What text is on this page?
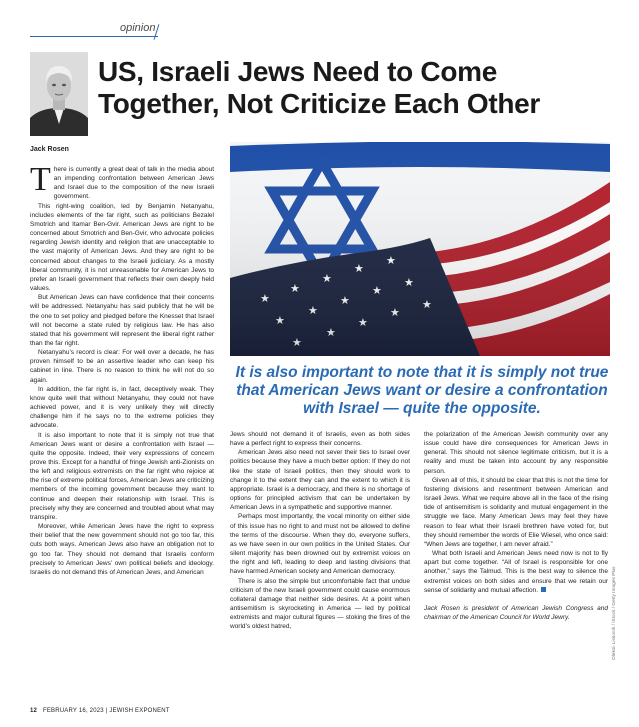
opinion
Jack Rosen
US, Israeli Jews Need to Come Together, Not Criticize Each Other

There is currently a great deal of talk in the media about an impending confrontation between American Jews and Israel due to the composition of the new Israeli government.

This right-wing coalition, led by Benjamin Netanyahu, includes elements of the far right, such as politicians Bezalel Smotrich and Itamar Ben-Gvir. American Jews are right to be concerned about Smotrich and Ben-Gvir, who advocate policies regarding Jewish identity and religion that are unacceptable to the vast majority of American Jews. And they are right to be concerned about changes to the Israeli judiciary. As a mostly liberal community, it is not unreasonable for American Jews to prefer an Israeli government that reflects their own deeply held values.

But American Jews can have confidence that their concerns will be addressed. Netanyahu has said publicly that he will be the one to set policy and pledged before the Knesset that Israel will not become a state ruled by religious law. He has also stated that his government will represent the liberal right rather than the far right.

Netanyahu’s record is clear: For well over a decade, he has proven himself to be an assertive leader who can keep his cabinet in line. There is no reason to think he will not do so again.

In addition, the far right is, in fact, deceptively weak. They know quite well that without Netanyahu, they could not have achieved power, and it is very unlikely they will directly challenge him if he says no to the extreme policies they advocate.

It is also important to note that it is simply not true that American Jews want or desire a confrontation with Israel — quite the opposite. Indeed, their very expressions of concern prove this. Except for a handful of fringe Jewish anti-Zionists on the left and religious extremists on the far right who rejoice at the rise of extreme political forces, American Jews are criticizing members of the incoming government because they want to continue and deepen their relationship with Israel. This is precisely why they are concerned and troubled about what may transpire.

Moreover, while American Jews have the right to express their belief that the new government should not go too far, this cuts both ways. American Jews also have an obligation not to go too far. They should not demand that Israelis conform precisely to American Jews’ own political beliefs and ideology. Israelis do not demand this of American Jews, and American

It is also important to note that it is simply not true that American Jews want or desire a confrontation with Israel — quite the opposite.

Jews should not demand it of Israelis, even as both sides have a perfect right to express their concerns.

American Jews also need not sever their ties to Israel over politics because they have a much better option: If they do not like the state of Israeli politics, then they should work to change it to the extent they can and the extent to which it is appropriate. Israel is a democracy, and there is no shortage of options for principled activism that can be undertaken by American Jews in a sympathetic and supportive manner.

Perhaps most importantly, the vocal minority on either side of this issue has no right to and must not be allowed to define the terms of the discourse. When they do, everyone suffers, as we have seen in our own politics in the United States. Our silent majority has been drowned out by extremist voices on the right and left, leading to deep and lasting divisions that have harmed American society and American democracy.

There is also the simple but uncomfortable fact that undue criticism of the new Israeli government could cause enormous collateral damage that neither side desires. At a point when antisemitism is skyrocketing in America — led by political extremists and major cultural figures — stoking the fires of the world’s oldest hatred,

the polarization of the American Jewish community over any issue could have dire consequences for American Jews in general. This should not silence legitimate criticism, but it is a reality and must be taken into account by any responsible person.

Given all of this, it should be clear that this is not the time for fostering divisions and resentment between American and Israeli Jews. What we require above all in the face of the rising tide of antisemitism is solidarity and mutual engagement in the struggle we face. Many American Jews may feel they have reason to fear what their Israeli brethren have voted for, but they should remember the words of Elie Wiesel, who once said: “When Jews are together, I am never afraid.”

What both Israeli and American Jews need now is not to fly apart but come together. “All of Israel is responsible for one another,” says the Talmud. This is the best way to silence the extremist voices on both sides and ensure that we retain our sense of solidarity and mutual affection.

Jack Rosen is president of American Jewish Congress and chairman of the American Council for World Jewry.	Oleksii Liskonih / iStock / Getty Images Plus
12 FEBRUARY 16, 2023 | JEWISH EXPONENT
